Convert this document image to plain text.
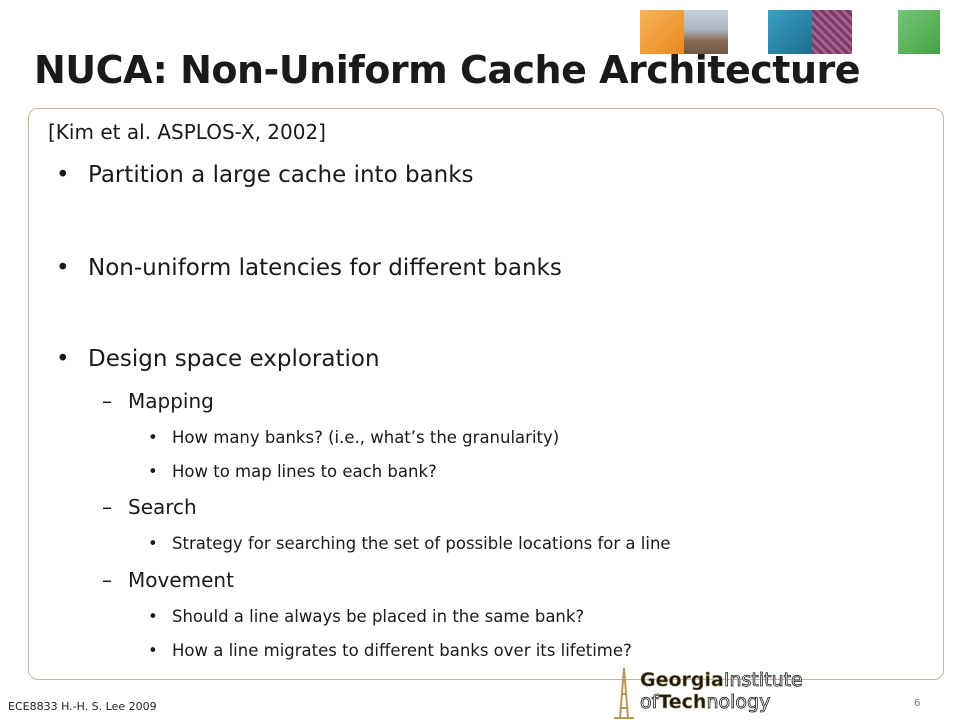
NUCA: Non-Uniform Cache Architecture
[Kim et al. ASPLOS-X, 2002]
• Partition a large cache into banks
• Non-uniform latencies for different banks
• Design space exploration
– Mapping
• How many banks? (i.e., what’s the granularity)
• How to map lines to each bank?
– Search
• Strategy for searching the set of possible locations for a line
– Movement
• Should a line always be placed in the same bank?
• How a line migrates to different banks over its lifetime?
GeorgiaInstitute
ofTechnology
ECE8833 H.-H. S. Lee 2009	6
